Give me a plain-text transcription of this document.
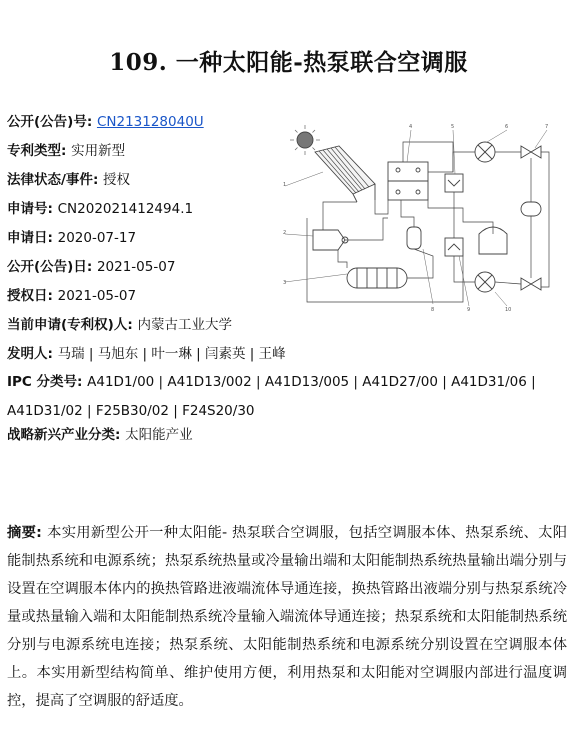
109. 一种太阳能-热泵联合空调服
公开(公告)号: CN213128040U
专利类型: 实用新型
法律状态/事件: 授权
申请号: CN202021412494.1
申请日: 2020-07-17
公开(公告)日: 2021-05-07
授权日: 2021-05-07
当前申请(专利权)人: 内蒙古工业大学
发明人: 马瑞 | 马旭东 | 叶一琳 | 闫素英 | 王峰
IPC 分类号: A41D1/00 | A41D13/002 | A41D13/005 | A41D27/00 | A41D31/06 | A41D31/02 | F25B30/02 | F24S20/30
战略新兴产业分类: 太阳能产业
1
2
3
4	5	6	7
8	9	10
摘要: 本实用新型公开一种太阳能- 热泵联合空调服，包括空调服本体、热泵系统、太阳能制热系统和电源系统；热泵系统热量或冷量输出端和太阳能制热系统热量输出端分别与设置在空调服本体内的换热管路进液端流体导通连接，换热管路出液端分别与热泵系统冷量或热量输入端和太阳能制热系统冷量输入端流体导通连接；热泵系统和太阳能制热系统分别与电源系统电连接；热泵系统、太阳能制热系统和电源系统分别设置在空调服本体上。本实用新型结构简单、维护使用方便，利用热泵和太阳能对空调服内部进行温度调控，提高了空调服的舒适度。
